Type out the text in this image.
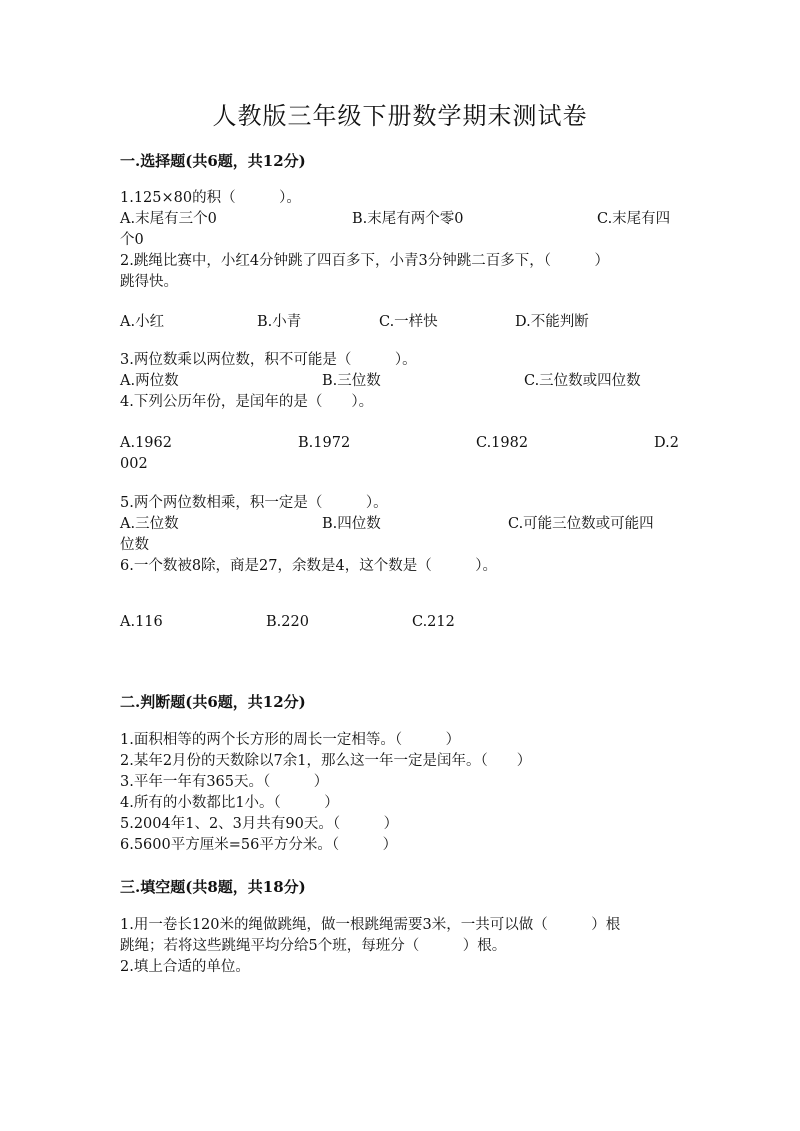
人教版三年级下册数学期末测试卷
一.选择题(共6题，共12分)
1.125×80的积（　　　）。
A.末尾有三个0	B.末尾有两个零0	C.末尾有四
个0
2.跳绳比赛中，小红4分钟跳了四百多下，小青3分钟跳二百多下，（　　　）
跳得快。
A.小红	B.小青	C.一样快	D.不能判断
3.两位数乘以两位数，积不可能是（　　　）。
A.两位数	B.三位数	C.三位数或四位数
4.下列公历年份，是闰年的是（　　）。
A.1962	B.1972	C.1982	D.2
002
5.两个两位数相乘，积一定是（　　　）。
A.三位数	B.四位数	C.可能三位数或可能四
位数
6.一个数被8除，商是27，余数是4，这个数是（　　　）。
A.116	B.220	C.212
二.判断题(共6题，共12分)
1.面积相等的两个长方形的周长一定相等。（　　　）
2.某年2月份的天数除以7余1，那么这一年一定是闰年。（　　）
3.平年一年有365天。（　　　）
4.所有的小数都比1小。（　　　）
5.2004年1、2、3月共有90天。（　　　）
6.5600平方厘米=56平方分米。（　　　）
三.填空题(共8题，共18分)
1.用一卷长120米的绳做跳绳，做一根跳绳需要3米，一共可以做（　　　）根
跳绳；若将这些跳绳平均分给5个班，每班分（　　　）根。
2.填上合适的单位。
